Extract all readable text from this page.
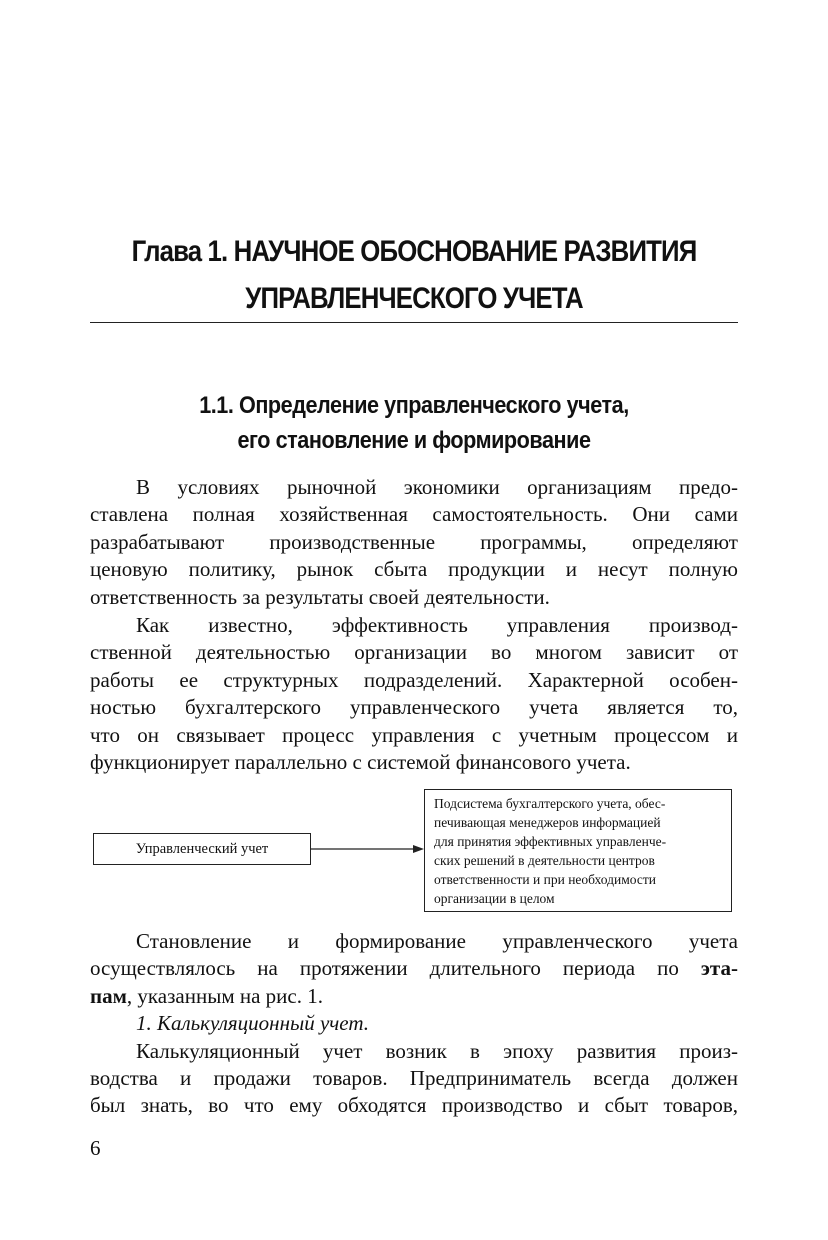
Глава 1. НАУЧНОЕ ОБОСНОВАНИЕ РАЗВИТИЯ
УПРАВЛЕНЧЕСКОГО УЧЕТА
1.1. Определение управленческого учета,
его становление и формирование
В условиях рыночной экономики организациям предо-
ставлена полная хозяйственная самостоятельность. Они сами
разрабатывают производственные программы, определяют
ценовую политику, рынок сбыта продукции и несут полную
ответственность за результаты своей деятельности.
Как известно, эффективность управления производ-
ственной деятельностью организации во многом зависит от
работы ее структурных подразделений. Характерной особен-
ностью бухгалтерского управленческого учета является то,
что он связывает процесс управления с учетным процессом и
функционирует параллельно с системой финансового учета.
Управленческий учет
Подсистема бухгалтерского учета, обес-
печивающая менеджеров информацией
для принятия эффективных управленче-
ских решений в деятельности центров
ответственности и при необходимости
организации в целом
Становление и формирование управленческого учета
осуществлялось на протяжении длительного периода по эта-
пам, указанным на рис. 1.
1. Калькуляционный учет.
Калькуляционный учет возник в эпоху развития произ-
водства и продажи товаров. Предприниматель всегда должен
был знать, во что ему обходятся производство и сбыт товаров,
6
